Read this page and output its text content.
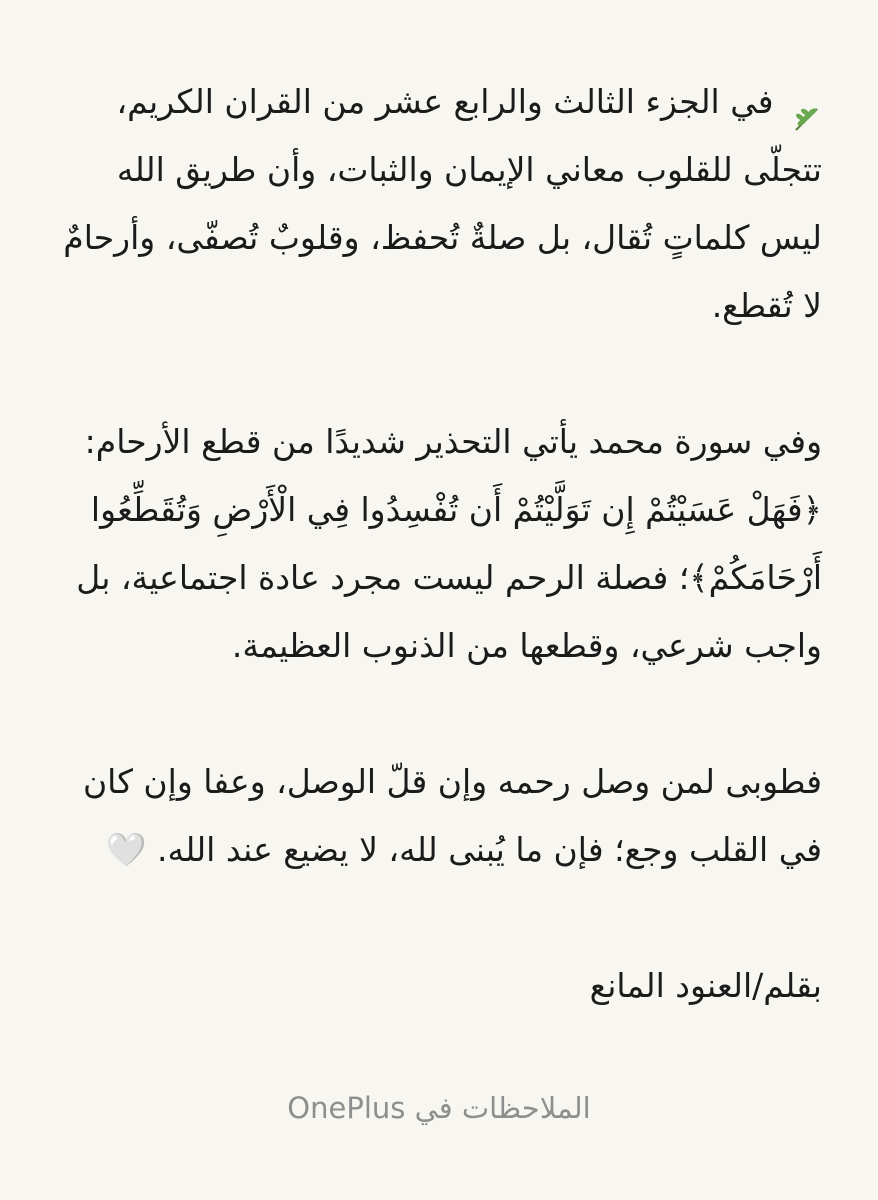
في الجزء الثالث والرابع عشر من القران الكريم، تتجلّى للقلوب معاني الإيمان والثبات، وأن طريق الله ليس كلماتٍ تُقال، بل صلةٌ تُحفظ، وقلوبٌ تُصفّى، وأرحامٌ لا تُقطع.

وفي سورة محمد يأتي التحذير شديدًا من قطع الأرحام: ﴿فَهَلْ عَسَيْتُمْ إِن تَوَلَّيْتُمْ أَن تُفْسِدُوا فِي الْأَرْضِ وَتُقَطِّعُوا أَرْحَامَكُمْ﴾؛ فصلة الرحم ليست مجرد عادة اجتماعية، بل واجب شرعي، وقطعها من الذنوب العظيمة.

فطوبى لمن وصل رحمه وإن قلّ الوصل، وعفا وإن كان في القلب وجع؛ فإن ما يُبنى لله، لا يضيع عند الله. 🤍

بقلم/العنود المانع

الملاحظات في OnePlus
